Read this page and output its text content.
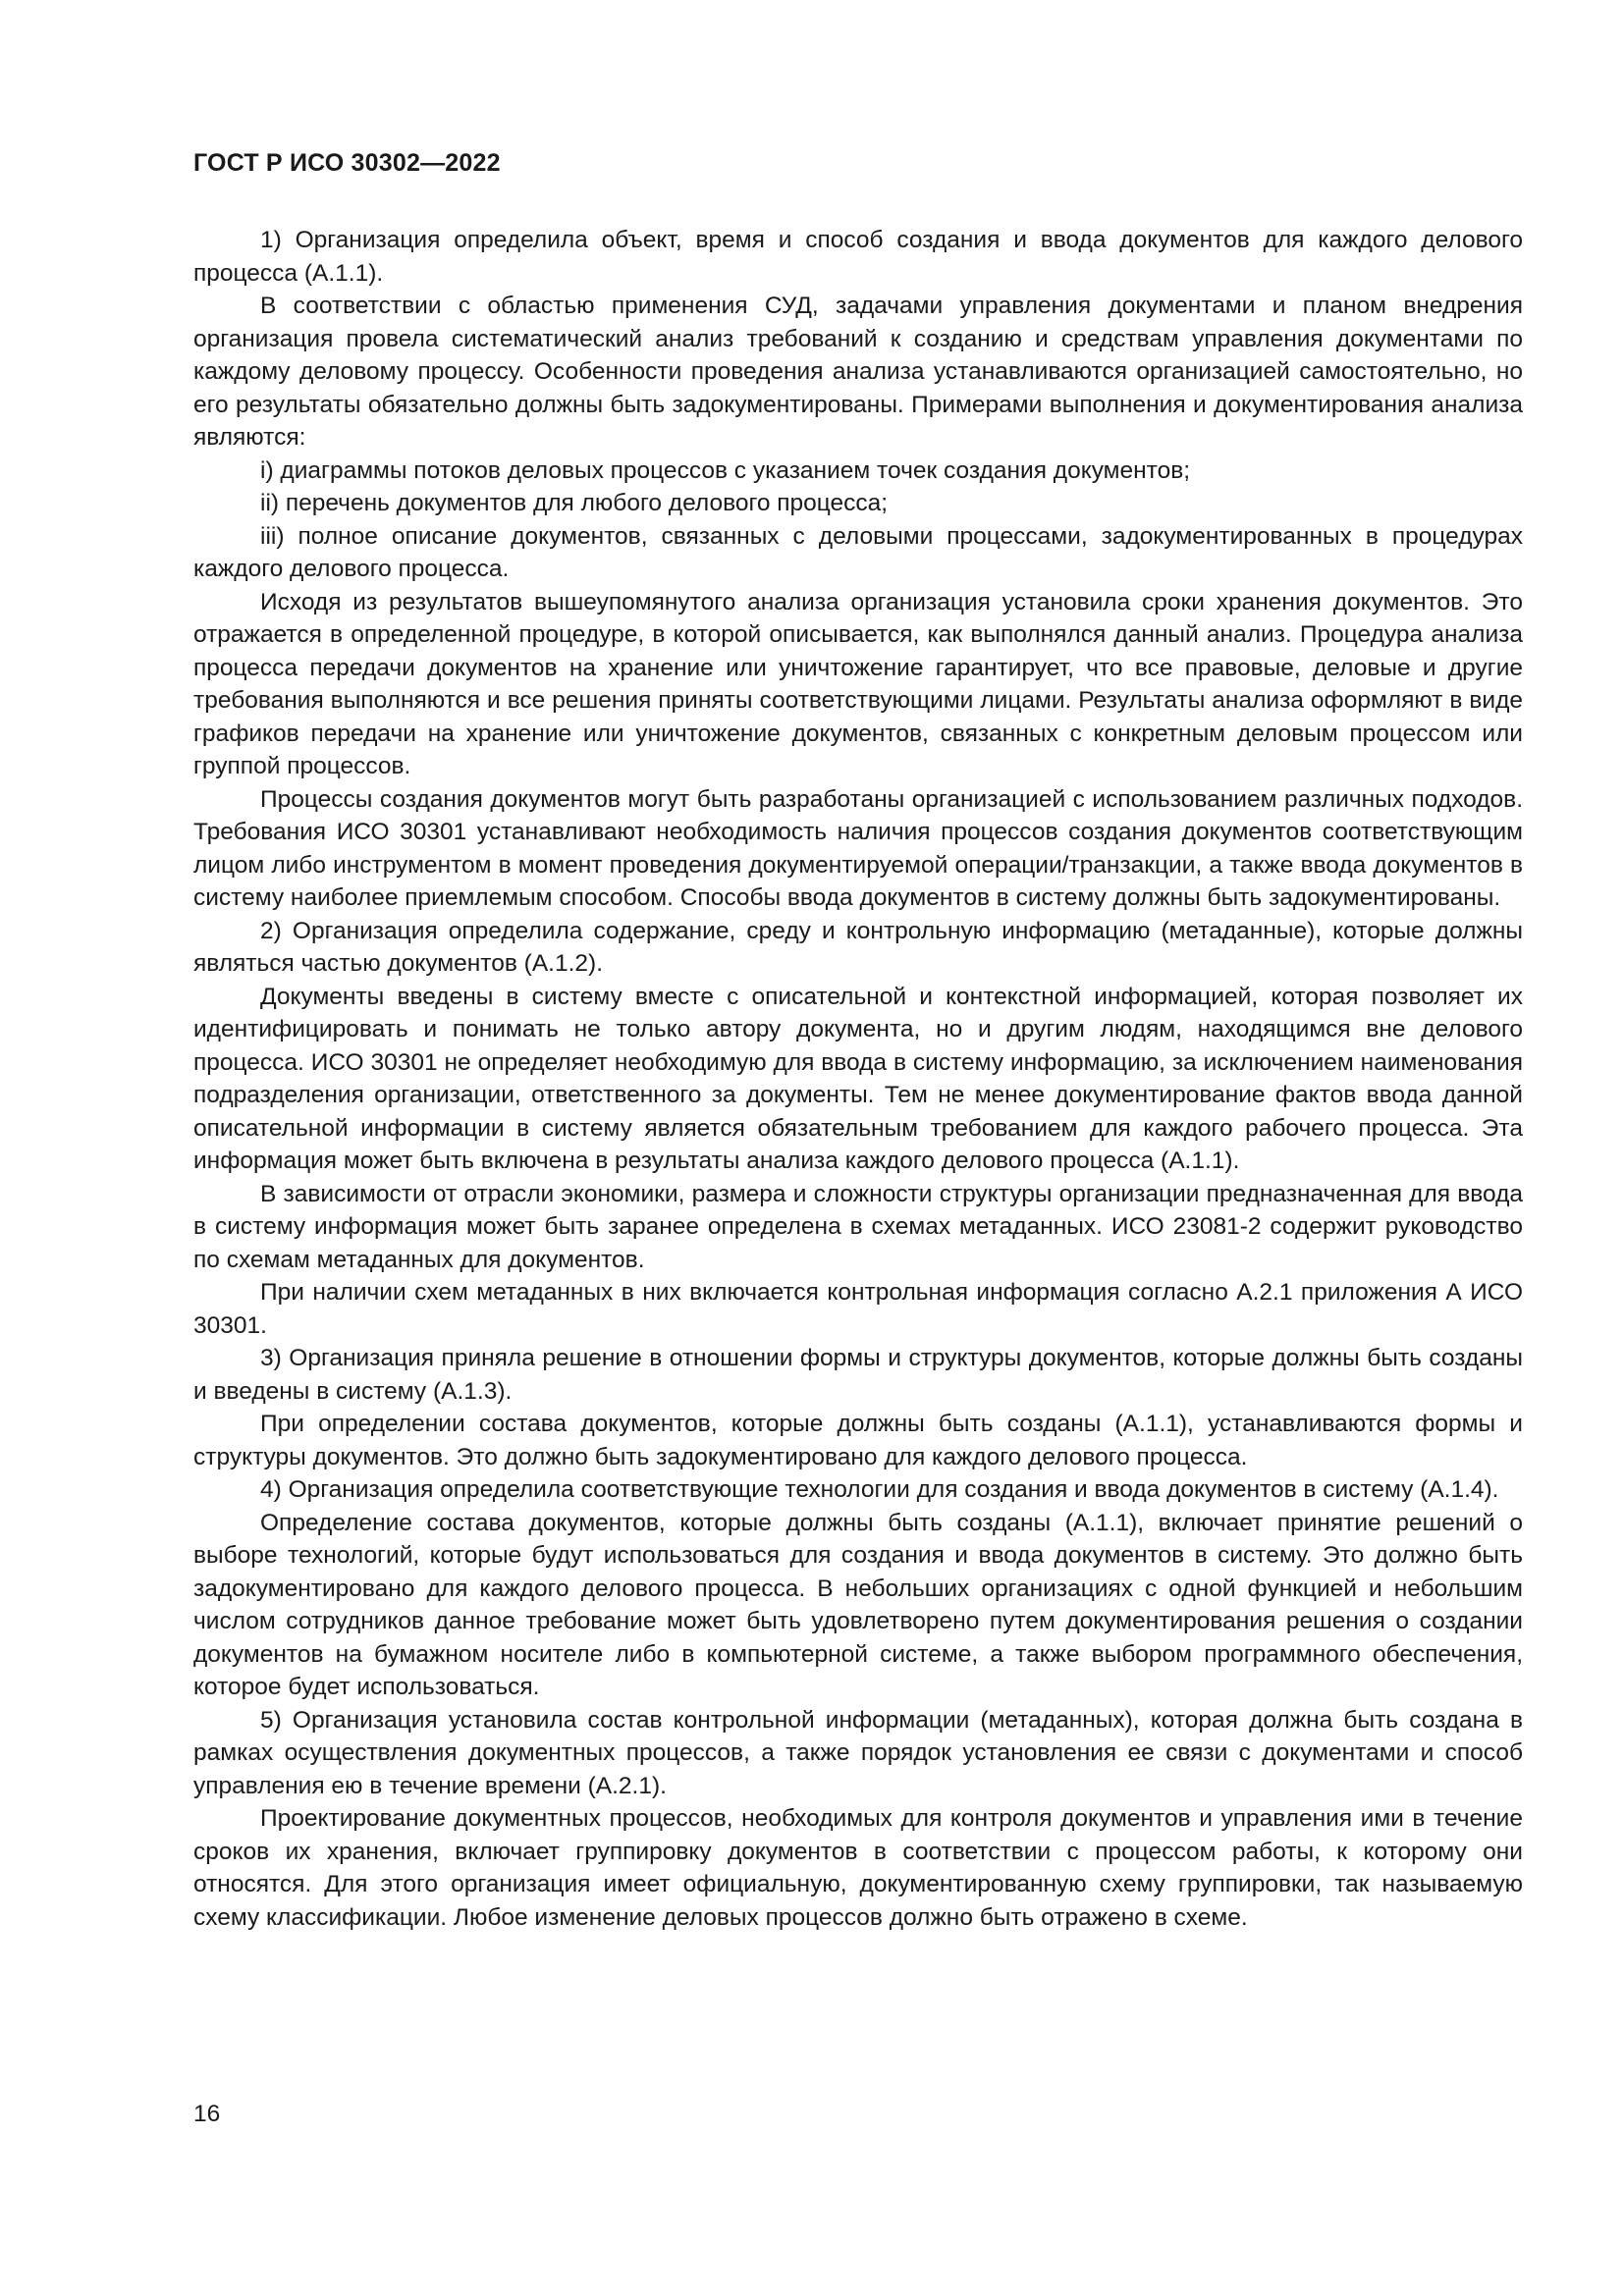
ГОСТ Р ИСО 30302—2022

1) Организация определила объект, время и способ создания и ввода документов для каждого делового процесса (A.1.1).

В соответствии с областью применения СУД, задачами управления документами и планом внедрения организация провела систематический анализ требований к созданию и средствам управления документами по каждому деловому процессу. Особенности проведения анализа устанавливаются организацией самостоятельно, но его результаты обязательно должны быть задокументированы. Примерами выполнения и документирования анализа являются:

i) диаграммы потоков деловых процессов с указанием точек создания документов;

ii) перечень документов для любого делового процесса;

iii) полное описание документов, связанных с деловыми процессами, задокументированных в процедурах каждого делового процесса.

Исходя из результатов вышеупомянутого анализа организация установила сроки хранения документов. Это отражается в определенной процедуре, в которой описывается, как выполнялся данный анализ. Процедура анализа процесса передачи документов на хранение или уничтожение гарантирует, что все правовые, деловые и другие требования выполняются и все решения приняты соответствующими лицами. Результаты анализа оформляют в виде графиков передачи на хранение или уничтожение документов, связанных с конкретным деловым процессом или группой процессов.

Процессы создания документов могут быть разработаны организацией с использованием различных подходов. Требования ИСО 30301 устанавливают необходимость наличия процессов создания документов соответствующим лицом либо инструментом в момент проведения документируемой операции/транзакции, а также ввода документов в систему наиболее приемлемым способом. Способы ввода документов в систему должны быть задокументированы.

2) Организация определила содержание, среду и контрольную информацию (метаданные), которые должны являться частью документов (A.1.2).

Документы введены в систему вместе с описательной и контекстной информацией, которая позволяет их идентифицировать и понимать не только автору документа, но и другим людям, находящимся вне делового процесса. ИСО 30301 не определяет необходимую для ввода в систему информацию, за исключением наименования подразделения организации, ответственного за документы. Тем не менее документирование фактов ввода данной описательной информации в систему является обязательным требованием для каждого рабочего процесса. Эта информация может быть включена в результаты анализа каждого делового процесса (A.1.1).

В зависимости от отрасли экономики, размера и сложности структуры организации предназначенная для ввода в систему информация может быть заранее определена в схемах метаданных. ИСО 23081-2 содержит руководство по схемам метаданных для документов.

При наличии схем метаданных в них включается контрольная информация согласно A.2.1 приложения А ИСО 30301.

3) Организация приняла решение в отношении формы и структуры документов, которые должны быть созданы и введены в систему (A.1.3).

При определении состава документов, которые должны быть созданы (A.1.1), устанавливаются формы и структуры документов. Это должно быть задокументировано для каждого делового процесса.

4) Организация определила соответствующие технологии для создания и ввода документов в систему (A.1.4).

Определение состава документов, которые должны быть созданы (A.1.1), включает принятие решений о выборе технологий, которые будут использоваться для создания и ввода документов в систему. Это должно быть задокументировано для каждого делового процесса. В небольших организациях с одной функцией и небольшим числом сотрудников данное требование может быть удовлетворено путем документирования решения о создании документов на бумажном носителе либо в компьютерной системе, а также выбором программного обеспечения, которое будет использоваться.

5) Организация установила состав контрольной информации (метаданных), которая должна быть создана в рамках осуществления документных процессов, а также порядок установления ее связи с документами и способ управления ею в течение времени (A.2.1).

Проектирование документных процессов, необходимых для контроля документов и управления ими в течение сроков их хранения, включает группировку документов в соответствии с процессом работы, к которому они относятся. Для этого организация имеет официальную, документированную схему группировки, так называемую схему классификации. Любое изменение деловых процессов должно быть отражено в схеме.

16
